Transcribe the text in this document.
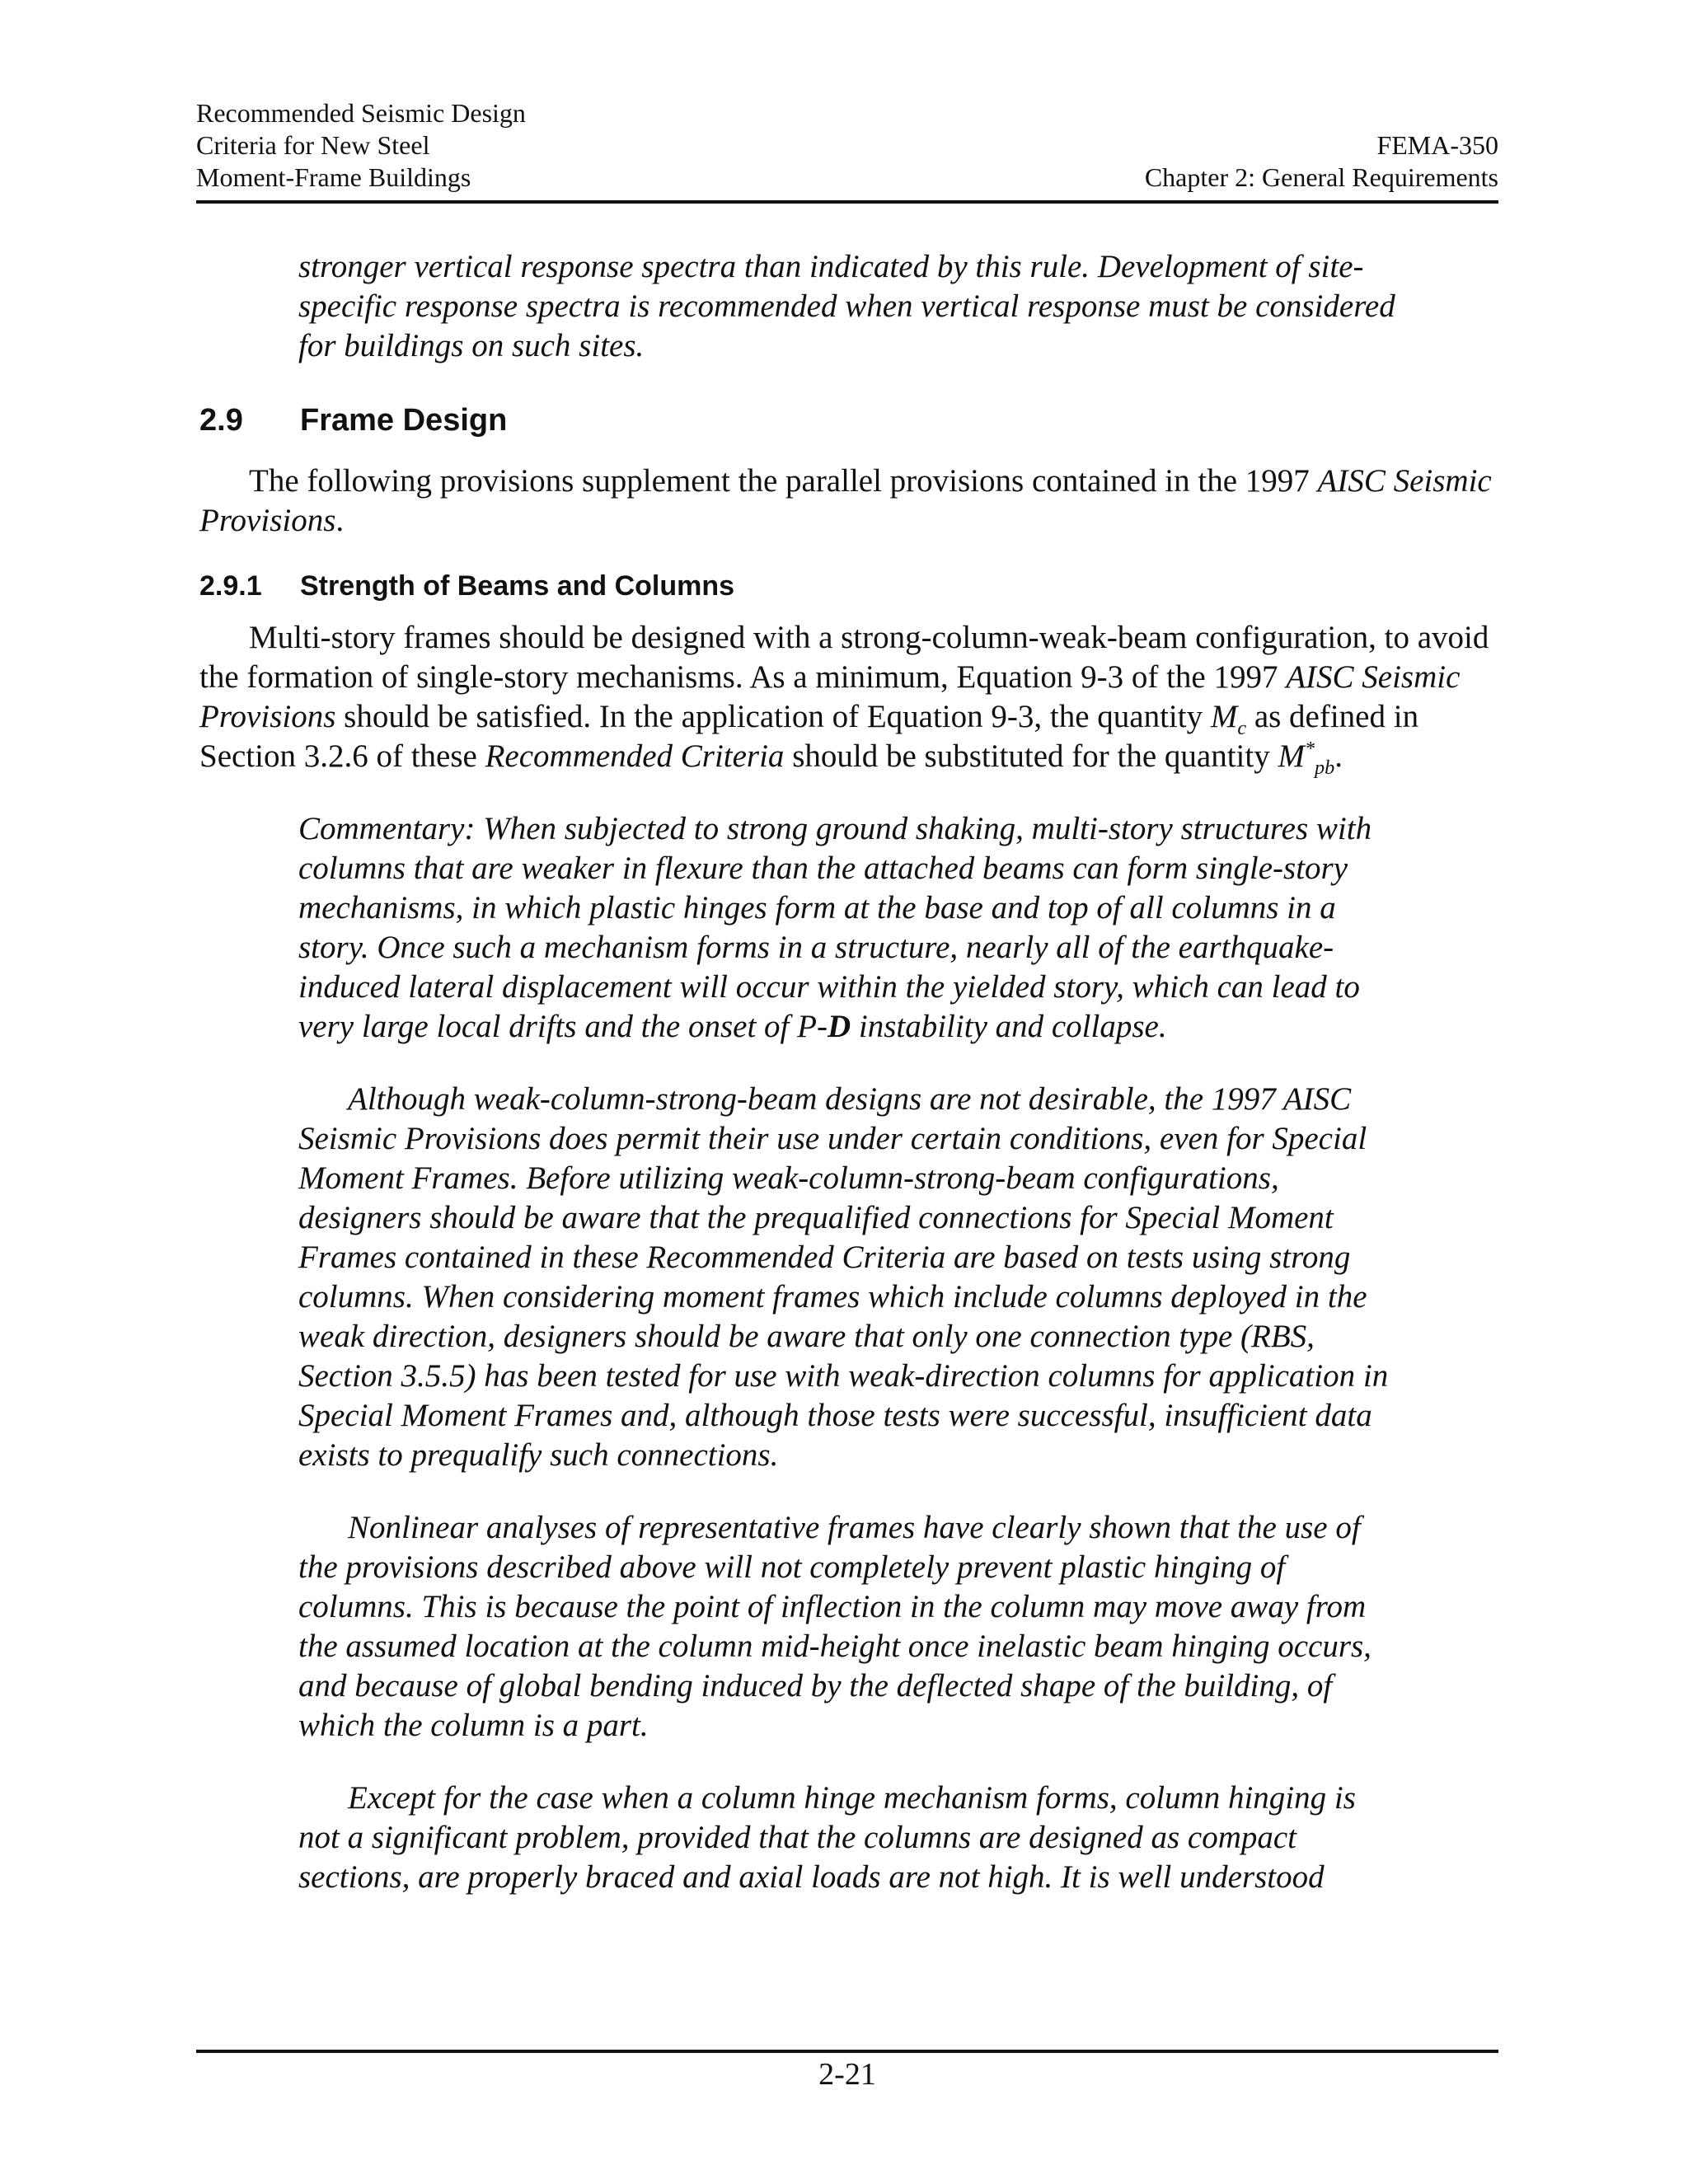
Recommended Seismic Design
Criteria for New Steel
Moment-Frame Buildings
FEMA-350
Chapter 2: General Requirements

stronger vertical response spectra than indicated by this rule. Development of site-specific response spectra is recommended when vertical response must be considered for buildings on such sites.

2.9 Frame Design

The following provisions supplement the parallel provisions contained in the 1997 AISC Seismic Provisions.

2.9.1 Strength of Beams and Columns

Multi-story frames should be designed with a strong-column-weak-beam configuration, to avoid the formation of single-story mechanisms. As a minimum, Equation 9-3 of the 1997 AISC Seismic Provisions should be satisfied. In the application of Equation 9-3, the quantity $M_c$ as defined in Section 3.2.6 of these Recommended Criteria should be substituted for the quantity $M^*_{pb}$.

Commentary: When subjected to strong ground shaking, multi-story structures with columns that are weaker in flexure than the attached beams can form single-story mechanisms, in which plastic hinges form at the base and top of all columns in a story. Once such a mechanism forms in a structure, nearly all of the earthquake-induced lateral displacement will occur within the yielded story, which can lead to very large local drifts and the onset of P-D instability and collapse.

Although weak-column-strong-beam designs are not desirable, the 1997 AISC Seismic Provisions does permit their use under certain conditions, even for Special Moment Frames. Before utilizing weak-column-strong-beam configurations, designers should be aware that the prequalified connections for Special Moment Frames contained in these Recommended Criteria are based on tests using strong columns. When considering moment frames which include columns deployed in the weak direction, designers should be aware that only one connection type (RBS, Section 3.5.5) has been tested for use with weak-direction columns for application in Special Moment Frames and, although those tests were successful, insufficient data exists to prequalify such connections.

Nonlinear analyses of representative frames have clearly shown that the use of the provisions described above will not completely prevent plastic hinging of columns. This is because the point of inflection in the column may move away from the assumed location at the column mid-height once inelastic beam hinging occurs, and because of global bending induced by the deflected shape of the building, of which the column is a part.

Except for the case when a column hinge mechanism forms, column hinging is not a significant problem, provided that the columns are designed as compact sections, are properly braced and axial loads are not high. It is well understood

2-21
